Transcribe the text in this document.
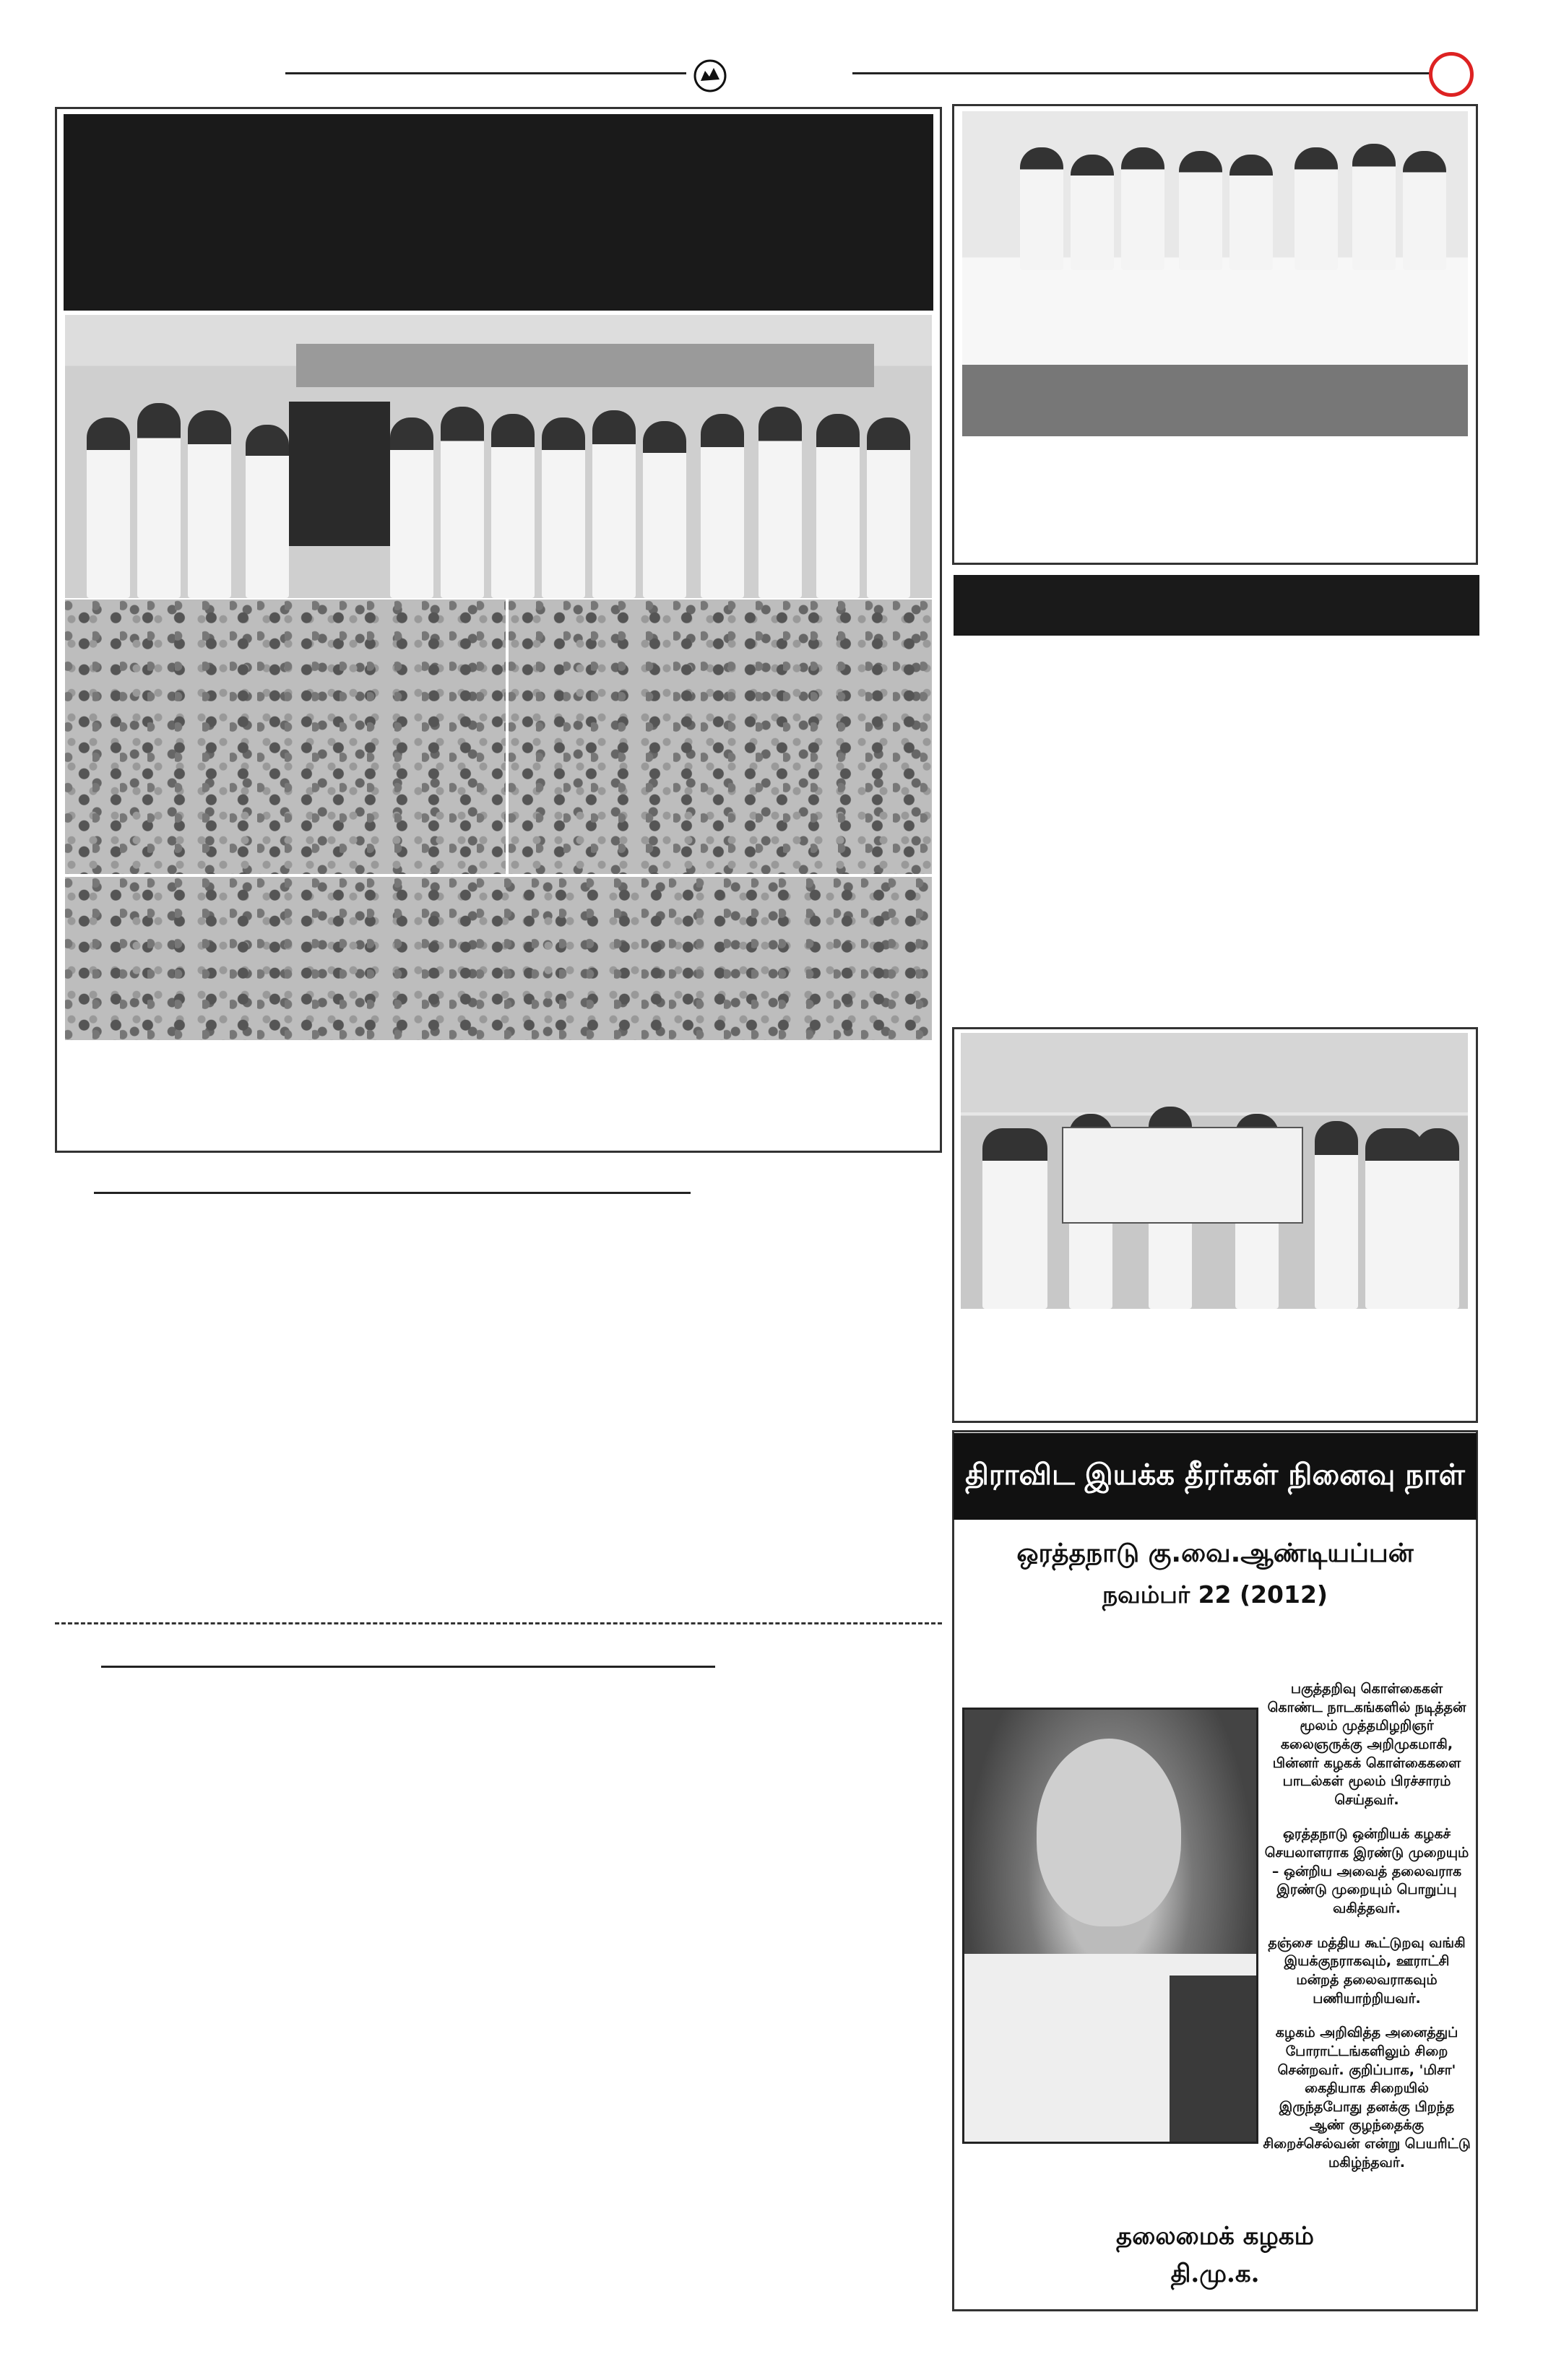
திராவிட இயக்க தீரர்கள் நினைவு நாள்
ஒரத்தநாடு கு.வை.ஆண்டியப்பன்
நவம்பர் 22 (2012)

பகுத்தறிவு கொள்கைகள் கொண்ட நாடகங்களில் நடித்தன் மூலம் முத்தமிழறிஞர் கலைஞருக்கு அறிமுகமாகி, பின்னர் கழகக் கொள்கைகளை பாடல்கள் மூலம் பிரச்சாரம் செய்தவர்.

ஒரத்தநாடு ஒன்றியக் கழகச் செயலாளராக இரண்டு முறையும் – ஒன்றிய அவைத் தலைவராக இரண்டு முறையும் பொறுப்பு வகித்தவர்.

தஞ்சை மத்திய கூட்டுறவு வங்கி இயக்குநராகவும், ஊராட்சி மன்றத் தலைவராகவும் பணியாற்றியவர்.

கழகம் அறிவித்த அனைத்துப் போராட்டங்களிலும் சிறை சென்றவர். குறிப்பாக, 'மிசா' கைதியாக சிறையில் இருந்தபோது தனக்கு பிறந்த ஆண் குழந்தைக்கு சிறைச்செல்வன் என்று பெயரிட்டு மகிழ்ந்தவர்.

தலைமைக் கழகம்
தி.மு.க.
